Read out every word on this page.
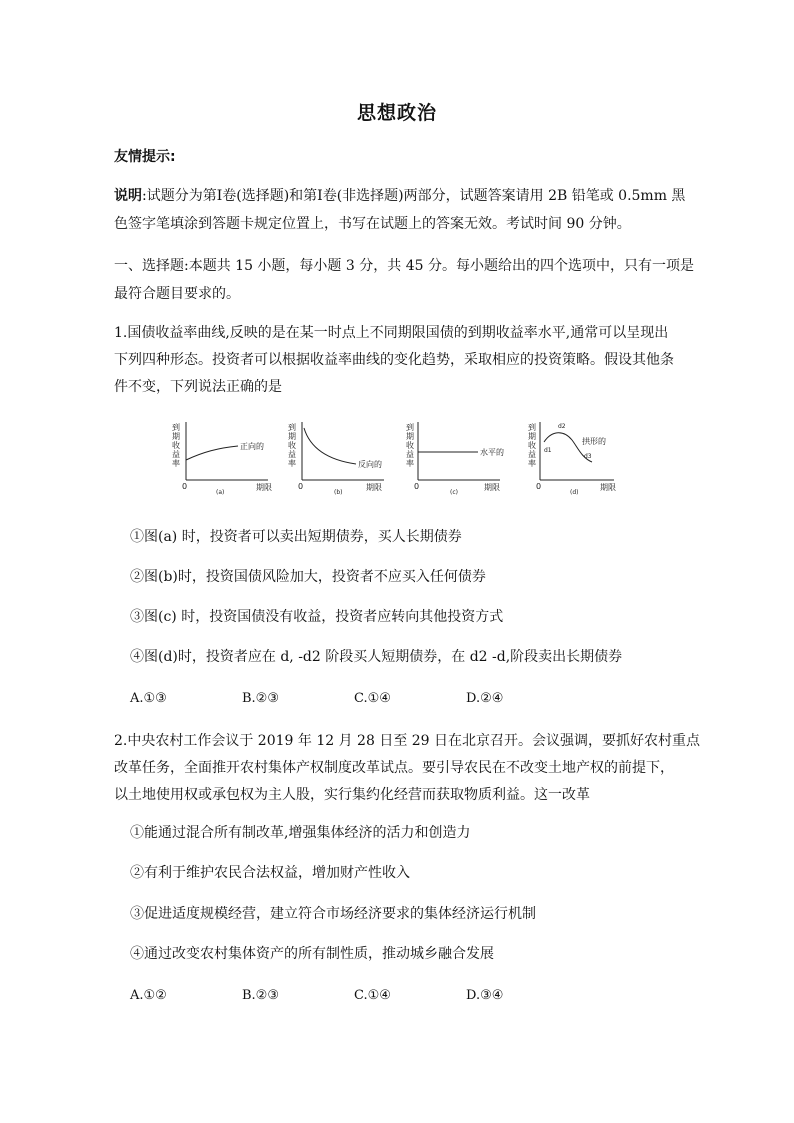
思想政治
友情提示:
说明:试题分为第Ⅰ卷(选择题)和第Ⅰ卷(非选择题)两部分，试题答案请用 2B 铅笔或 0.5mm 黑
色签字笔填涂到答题卡规定位置上，书写在试题上的答案无效。考试时间 90 分钟。
一、选择题:本题共 15 小题，每小题 3 分，共 45 分。每小题给出的四个选项中，只有一项是
最符合题目要求的。
1.国债收益率曲线,反映的是在某一时点上不同期限国债的到期收益率水平,通常可以呈现出
下列四种形态。投资者可以根据收益率曲线的变化趋势，采取相应的投资策略。假设其他条
件不变，下列说法正确的是
到
期
收
益
率
到
期
收
益
率
到
期
收
益
率
到
期
收
益
率
0	0	0	0
期限	期限	期限	期限
(a)	(b)	(c)	(d)
正向的
反向的
水平的
拱形的
d1
d2
d3
①图(a) 时，投资者可以卖出短期债券，买人长期债券
②图(b)时，投资国债风险加大，投资者不应买入任何债券
③图(c) 时，投资国债没有收益，投资者应转向其他投资方式
④图(d)时，投资者应在 d, -d2 阶段买人短期债券，在 d2 -d,阶段卖出长期债券
A.①③	B.②③	C.①④	D.②④
2.中央农村工作会议于 2019 年 12 月 28 日至 29 日在北京召开。会议强调，要抓好农村重点
改革任务，全面推开农村集体产权制度改革试点。要引导农民在不改变土地产权的前提下，
以土地使用权或承包权为主人股，实行集约化经营而获取物质利益。这一改革
①能通过混合所有制改革,增强集体经济的活力和创造力
②有利于维护农民合法权益，增加财产性收入
③促进适度规模经营，建立符合市场经济要求的集体经济运行机制
④通过改变农村集体资产的所有制性质，推动城乡融合发展
A.①②	B.②③	C.①④	D.③④
